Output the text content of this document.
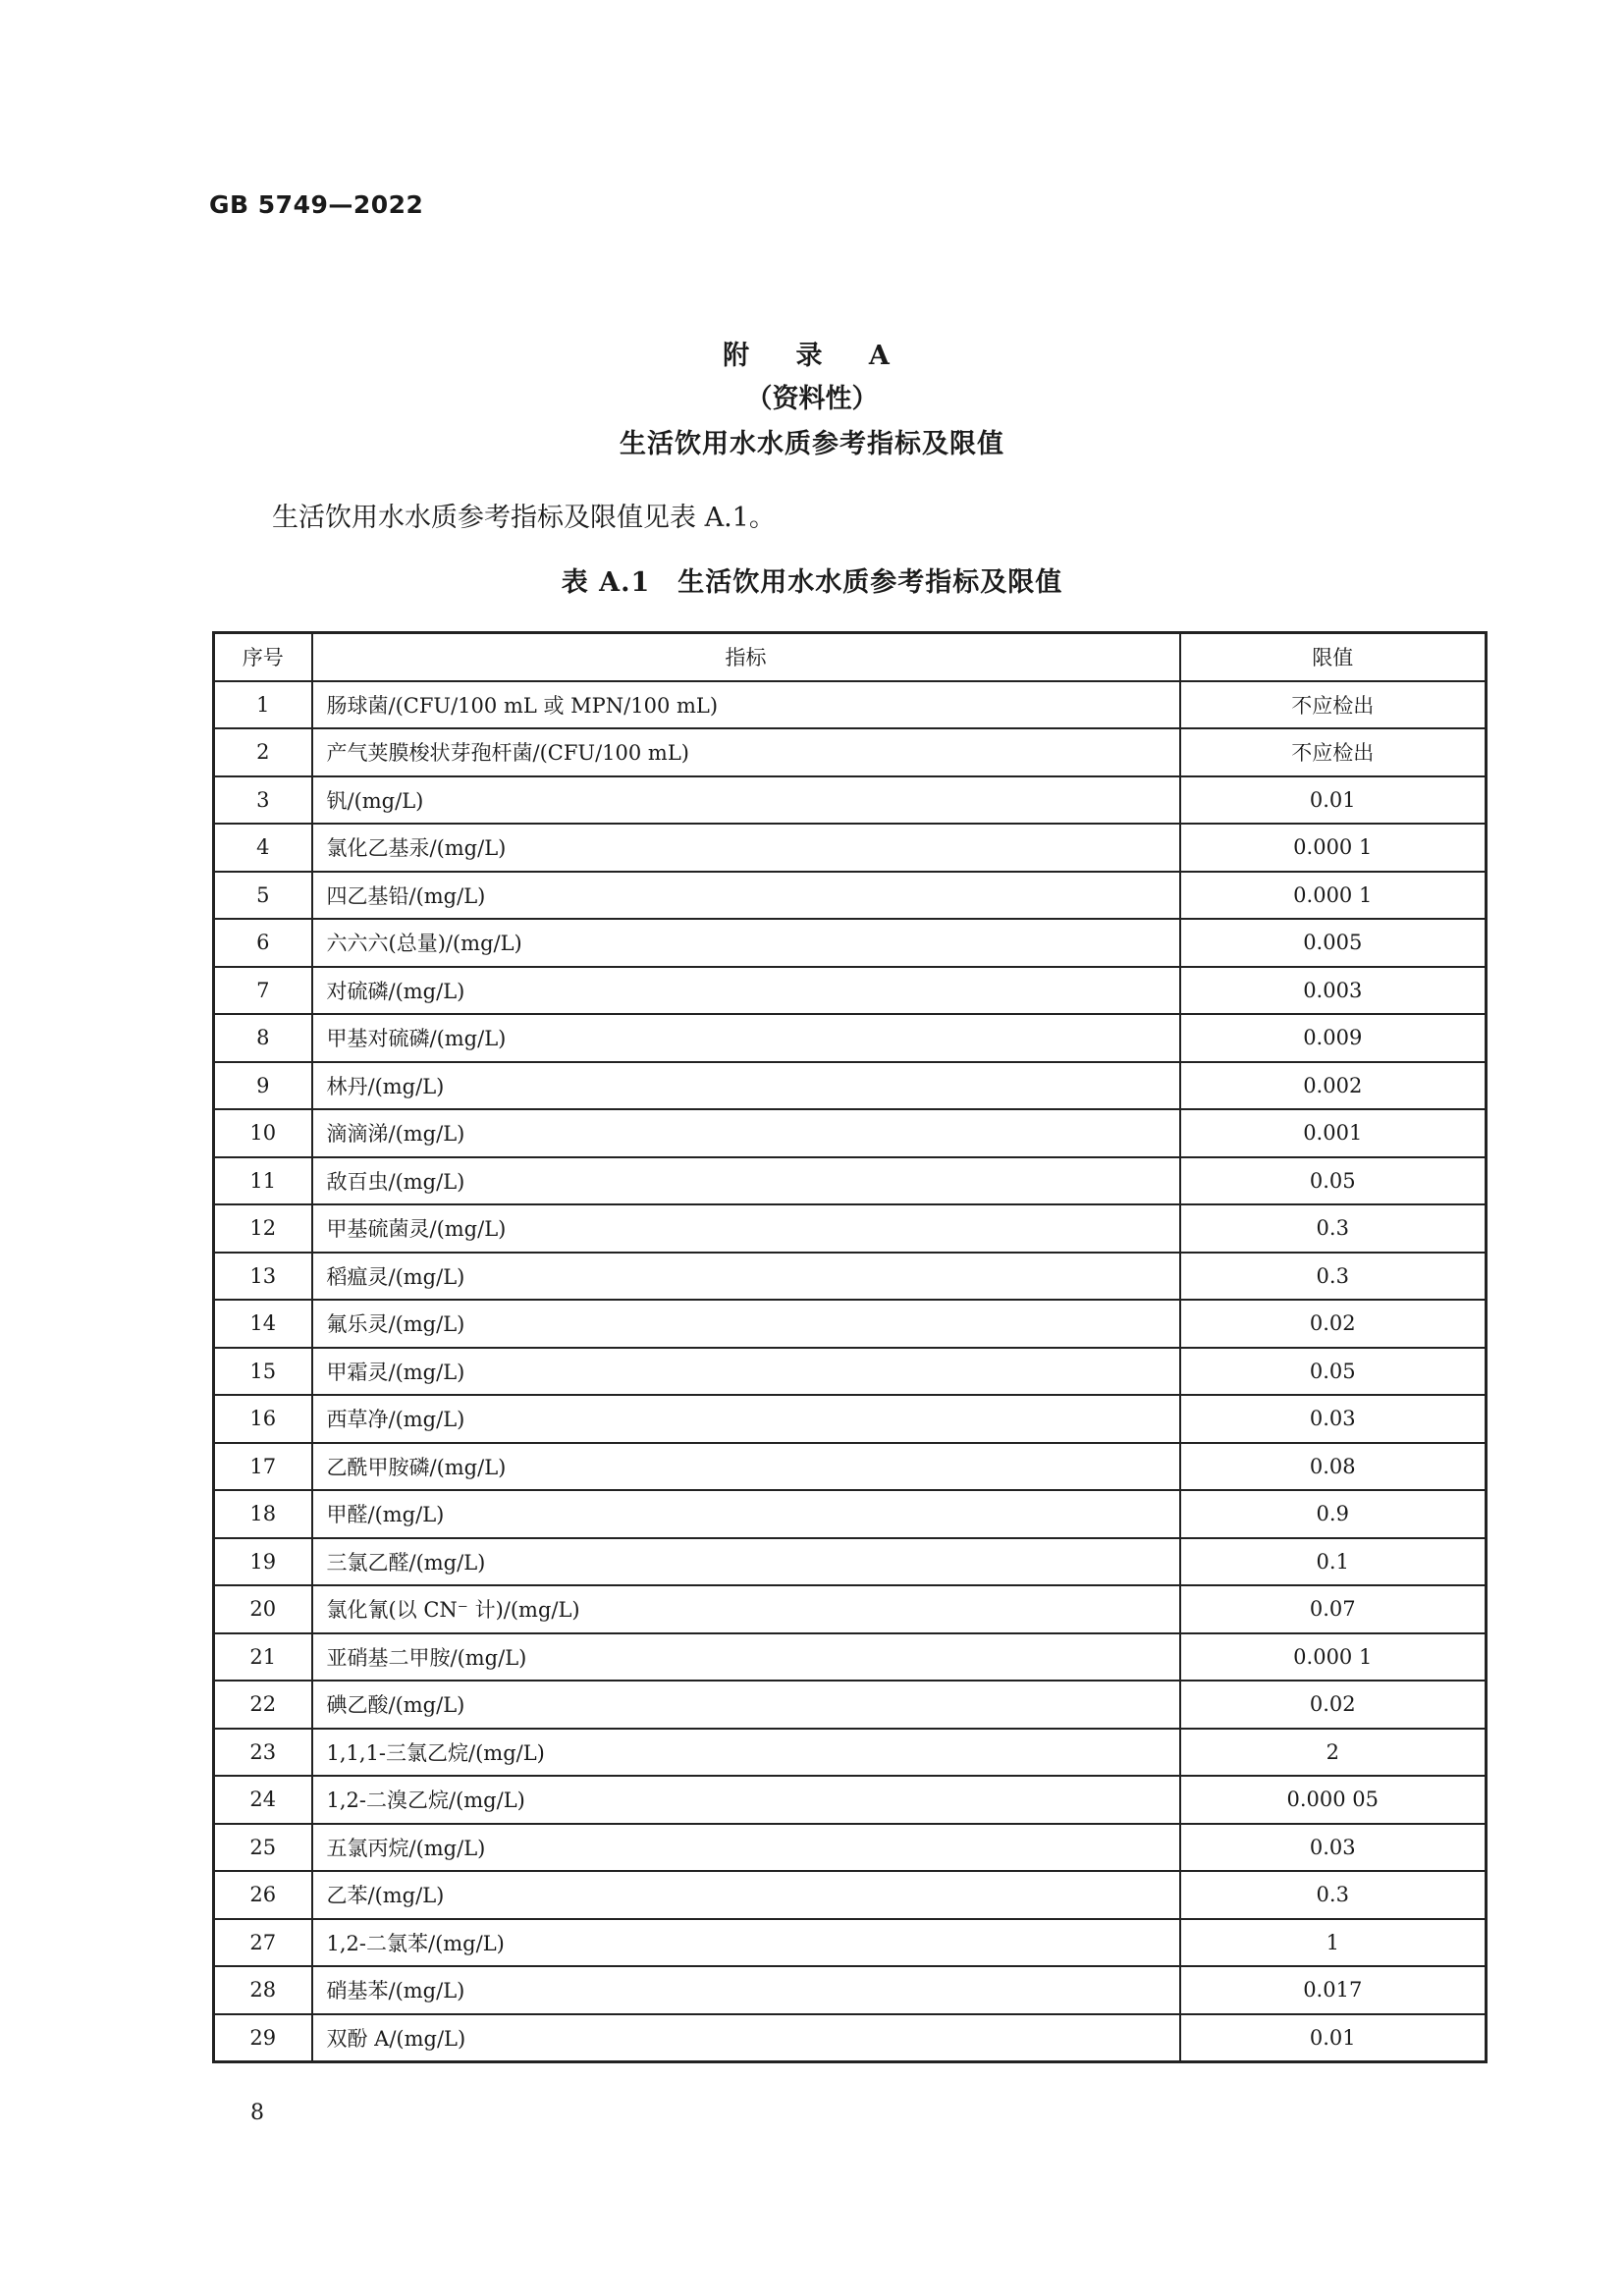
GB 5749—2022
附 录 A
（资料性）
生活饮用水水质参考指标及限值
生活饮用水水质参考指标及限值见表 A.1。
表 A.1　生活饮用水水质参考指标及限值
序号	指标	限值
1	肠球菌/(CFU/100 mL 或 MPN/100 mL)	不应检出
2	产气荚膜梭状芽孢杆菌/(CFU/100 mL)	不应检出
3	钒/(mg/L)	0.01
4	氯化乙基汞/(mg/L)	0.000 1
5	四乙基铅/(mg/L)	0.000 1
6	六六六(总量)/(mg/L)	0.005
7	对硫磷/(mg/L)	0.003
8	甲基对硫磷/(mg/L)	0.009
9	林丹/(mg/L)	0.002
10	滴滴涕/(mg/L)	0.001
11	敌百虫/(mg/L)	0.05
12	甲基硫菌灵/(mg/L)	0.3
13	稻瘟灵/(mg/L)	0.3
14	氟乐灵/(mg/L)	0.02
15	甲霜灵/(mg/L)	0.05
16	西草净/(mg/L)	0.03
17	乙酰甲胺磷/(mg/L)	0.08
18	甲醛/(mg/L)	0.9
19	三氯乙醛/(mg/L)	0.1
20	氯化氰(以 CN⁻ 计)/(mg/L)	0.07
21	亚硝基二甲胺/(mg/L)	0.000 1
22	碘乙酸/(mg/L)	0.02
23	1,1,1-三氯乙烷/(mg/L)	2
24	1,2-二溴乙烷/(mg/L)	0.000 05
25	五氯丙烷/(mg/L)	0.03
26	乙苯/(mg/L)	0.3
27	1,2-二氯苯/(mg/L)	1
28	硝基苯/(mg/L)	0.017
29	双酚 A/(mg/L)	0.01
8
